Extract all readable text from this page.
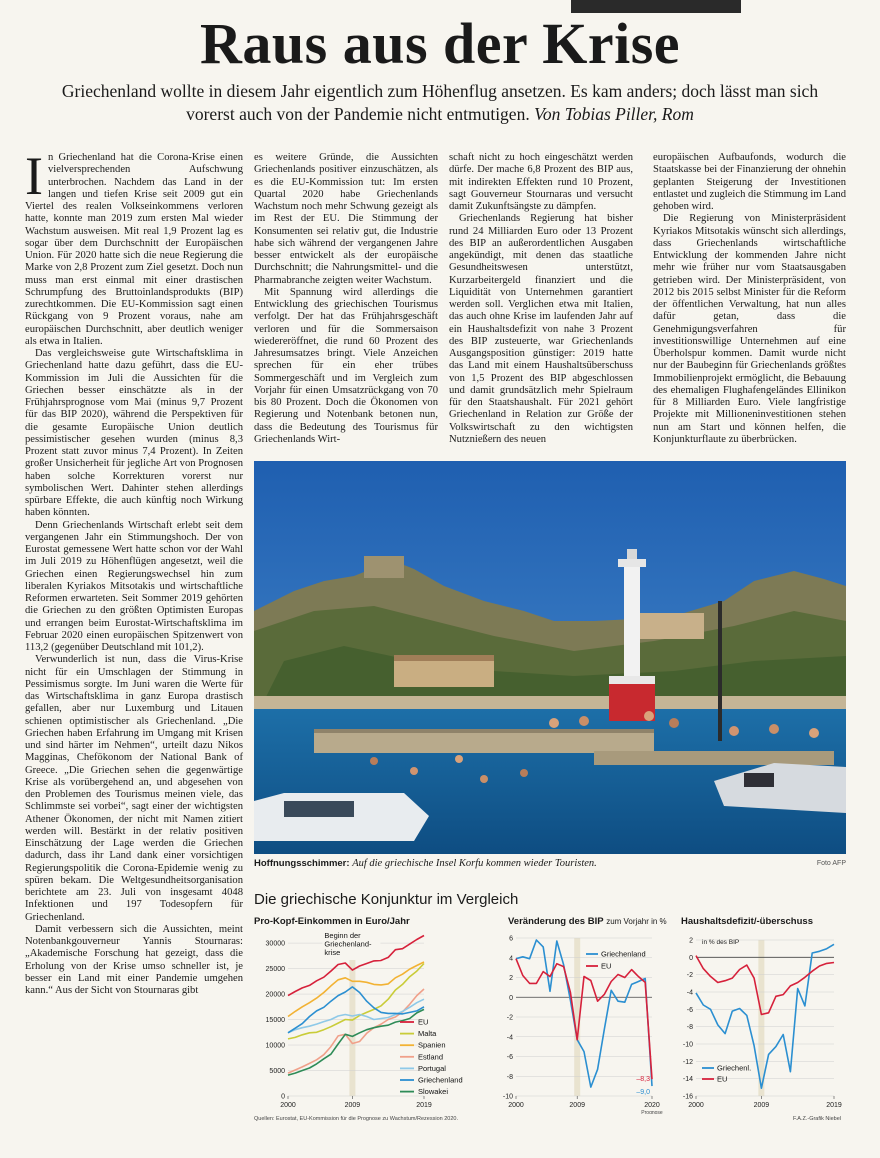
Raus aus der Krise
Griechenland wollte in diesem Jahr eigentlich zum Höhenflug ansetzen. Es kam anders; doch lässt man sich vorerst auch von der Pandemie nicht entmutigen. Von Tobias Piller, Rom

In Griechenland hat die Corona-Krise einen vielversprechenden Aufschwung unterbrochen. Nachdem das Land in der langen und tiefen Krise seit 2009 gut ein Viertel des realen Volkseinkommens verloren hatte, konnte man 2019 zum ersten Mal wieder Wachstum ausweisen. Mit real 1,9 Prozent lag es sogar über dem Durchschnitt der Europäischen Union. Für 2020 hatte sich die neue Regierung die Marke von 2,8 Prozent zum Ziel gesetzt. Doch nun muss man erst einmal mit einer drastischen Schrumpfung des Bruttoinlandsprodukts (BIP) zurechtkommen. Die EU-Kommission sagt einen Rückgang von 9 Prozent voraus, nahe am europäischen Durchschnitt, aber deutlich weniger als etwa in Italien.

Das vergleichsweise gute Wirtschaftsklima in Griechenland hatte dazu geführt, dass die EU-Kommission im Juli die Aussichten für die Griechen besser einschätzte als in der Frühjahrsprognose vom Mai (minus 9,7 Prozent für das BIP 2020), während die Perspektiven für die gesamte Europäische Union deutlich pessimistischer gesehen wurden (minus 8,3 Prozent statt zuvor minus 7,4 Prozent). In Zeiten großer Unsicherheit für jegliche Art von Prognosen haben solche Korrekturen vorerst nur symbolischen Wert. Dahinter stehen allerdings spürbare Effekte, die auch künftig noch Wirkung haben könnten.

Denn Griechenlands Wirtschaft erlebt seit dem vergangenen Jahr ein Stimmungshoch. Der von Eurostat gemessene Wert hatte schon vor der Wahl im Juli 2019 zu Höhenflügen angesetzt, weil die Griechen einen Regierungswechsel hin zum liberalen Kyriakos Mitsotakis und wirtschaftliche Reformen erwarteten. Seit Sommer 2019 gehörten die Griechen zu den größten Optimisten Europas und errangen beim Eurostat-Wirtschaftsklima im Februar 2020 einen europäischen Spitzenwert von 113,2 (gegenüber Deutschland mit 101,2).

Verwunderlich ist nun, dass die Virus-Krise nicht für ein Umschlagen der Stimmung in Pessimismus sorgte. Im Juni waren die Werte für das Wirtschaftsklima in ganz Europa drastisch gefallen, aber nur Luxemburg und Litauen schienen optimistischer als Griechenland. „Die Griechen haben Erfahrung im Umgang mit Krisen und sind härter im Nehmen“, urteilt dazu Nikos Magginas, Chefökonom der National Bank of Greece. „Die Griechen sehen die gegenwärtige Krise als vorübergehend an, und abgesehen von den Problemen des Tourismus meinen viele, das Schlimmste sei vorbei“, sagt einer der wichtigsten Athener Ökonomen, der nicht mit Namen zitiert werden will. Bestärkt in der relativ positiven Einschätzung der Lage werden die Griechen dadurch, dass ihr Land dank einer vorsichtigen Regierungspolitik die Corona-Epidemie wenig zu spüren bekam. Die Weltgesundheitsorganisation berichtete am 23. Juli von insgesamt 4048 Infektionen und 197 Todesopfern für Griechenland.

Damit verbessern sich die Aussichten, meint Notenbankgouverneur Yannis Stournaras: „Akademische Forschung hat gezeigt, dass die Erholung von der Krise umso schneller ist, je besser ein Land mit einer Pandemie umgehen kann.“ Aus der Sicht von Stournaras gibt

es weitere Gründe, die Aussichten Griechenlands positiver einzuschätzen, als es die EU-Kommission tut: Im ersten Quartal 2020 habe Griechenlands Wachstum noch mehr Schwung gezeigt als im Rest der EU. Die Stimmung der Konsumenten sei relativ gut, die Industrie habe sich während der vergangenen Jahre besser entwickelt als der europäische Durchschnitt; die Nahrungsmittel- und die Pharmabranche zeigten weiter Wachstum.

Mit Spannung wird allerdings die Entwicklung des griechischen Tourismus verfolgt. Der hat das Frühjahrsgeschäft verloren und für die Sommersaison wiedereröffnet, die rund 60 Prozent des Jahresumsatzes bringt. Viele Anzeichen sprechen für ein eher trübes Sommergeschäft und im Vergleich zum Vorjahr für einen Umsatzrückgang von 70 bis 80 Prozent. Doch die Ökonomen von Regierung und Notenbank betonen nun, dass die Bedeutung des Tourismus für Griechenlands Wirt-

schaft nicht zu hoch eingeschätzt werden dürfe. Der mache 6,8 Prozent des BIP aus, mit indirekten Effekten rund 10 Prozent, sagt Gouverneur Stournaras und versucht damit Zukunftsängste zu dämpfen.

Griechenlands Regierung hat bisher rund 24 Milliarden Euro oder 13 Prozent des BIP an außerordentlichen Ausgaben angekündigt, mit denen das staatliche Gesundheitswesen unterstützt, Kurzarbeitergeld finanziert und die Liquidität von Unternehmen garantiert werden soll. Verglichen etwa mit Italien, das auch ohne Krise im laufenden Jahr auf ein Haushaltsdefizit von nahe 3 Prozent des BIP zusteuerte, war Griechenlands Ausgangsposition günstiger: 2019 hatte das Land mit einem Haushaltsüberschuss von 1,5 Prozent des BIP abgeschlossen und damit grundsätzlich mehr Spielraum für den Staatshaushalt. Für 2021 gehört Griechenland in Relation zur Größe der Volkswirtschaft zu den wichtigsten Nutznießern des neuen

europäischen Aufbaufonds, wodurch die Staatskasse bei der Finanzierung der ohnehin geplanten Steigerung der Investitionen entlastet und zugleich die Stimmung im Land gehoben wird.

Die Regierung von Ministerpräsident Kyriakos Mitsotakis wünscht sich allerdings, dass Griechenlands wirtschaftliche Entwicklung der kommenden Jahre nicht mehr wie früher nur vom Staatsausgaben getrieben wird. Der Ministerpräsident, von 2012 bis 2015 selbst Minister für die Reform der öffentlichen Verwaltung, hat nun alles dafür getan, dass die Genehmigungsverfahren für investitionswillige Unternehmen auf eine Überholspur kommen. Damit wurde nicht nur der Baubeginn für Griechenlands größtes Immobilienprojekt ermöglicht, die Bebauung des ehemaligen Flughafengeländes Ellinikon für 8 Milliarden Euro. Viele langfristige Projekte mit Millioneninvestitionen stehen nun am Start und können helfen, die Konjunkturflaute zu überbrücken.

Hoffnungsschimmer: Auf die griechische Insel Korfu kommen wieder Touristen.	Foto AFP
Die griechische Konjunktur im Vergleich
Pro-Kopf-Einkommen in Euro/Jahr	Veränderung des BIP zum Vorjahr in % Haushaltsdefizit/-überschuss
0
5000
10000
15000
20000
25000
30000
2000	2009	2019
Beginn der Griechenland-krise
EU
Malta
Spanien
Estland
Portugal
Griechenland
Slowakei
-10
-8
-6
-4
-2
0
2
4
6
2000	2009	2020
Prognose
Griechenland
EU
–8,3
–9,0
-16
-14
-12
-10
-8
-6
-4
-2
0
2
2000	2009	2019
in % des BIP
Griechenl.
EU
Quellen: Eurostat, EU-Kommission für die Prognose zu Wachstum/Rezession 2020.	F.A.Z.-Grafik Niebel
